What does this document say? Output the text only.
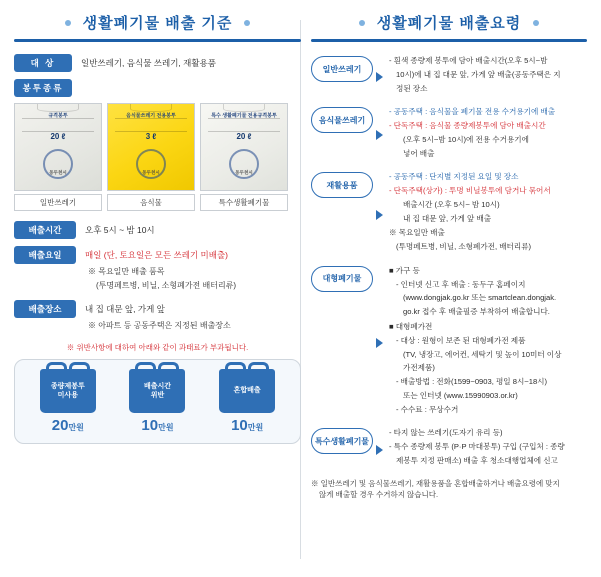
생활폐기물 배출 기준
대 상	일반쓰레기, 음식물 쓰레기, 재활용품
봉투종류
규격봉투
20 ℓ
동두천시
일반쓰레기
음식물쓰레기 전용봉투
3 ℓ
동두천시
음식물
특수 생활폐기물 전용규격봉투
20 ℓ
동두천시
특수생활폐기물
배출시간	오후 5시 ~ 밤 10시
배출요일	매일 (단, 토요일은 모든 쓰레기 미배출)
※ 목요일만 배출 품목
(투명페트병, 비닐, 소형폐가전 배터리류)
배출장소	내 집 대문 앞, 가게 앞
※ 아파트 등 공동주택은 지정된 배출장소
※ 위반사항에 대하여 아래와 같이 과태료가 부과됩니다.
종량제봉투
미사용
20만원
배출시간
위반
10만원
혼합배출
10만원
생활폐기물 배출요령
일반쓰레기

- 흰색 종량제 봉투에 담아 배출시간(오후 5시~밤

10시)에 내 집 대문 앞, 가게 앞 배출(공동주택은 지

정된 장소

음식물쓰레기

- 공동주택 : 음식물을 폐기물 전용 수거용기에 배출

- 단독주택 : 음식물 종량제봉투에 담아 배출시간

(오후 5시~밤 10시)에 전용 수거용기에

넣어 배출

재활용품

- 공동주택 : 단지별 지정된 요일 및 장소

- 단독주택(상가) : 투명 비닐봉투에 담거나 묶어서

배출시간 (오후 5시~ 밤 10시)

내 집 대문 앞, 가게 앞 배출

※ 목요일만 배출

(투명페트병, 비닐, 소형폐가전, 배터리류)

대형폐기물

■ 가구 등

- 인터넷 신고 후 배출 : 동두구 홈페이지

(www.dongjak.go.kr 또는 smartclean.dongjak.

go.kr 접수 후 배출필증 부착하여 배출합니다.

■ 대형폐가전

- 대상 : 원형이 보존 된 대형폐가전 제품

(TV, 냉장고, 에어컨, 세탁기 및 높이 10미터 이상

가전제품)

- 배출방법 : 전화(1599~0903, 평일 8시~18시)

또는 인터넷 (www.15990903.or.kr)

- 수수료 : 무상수거

특수생활폐기물

- 타지 않는 쓰레기(도자기 유리 등)

- 특수 종량제 봉투 (P·P 마대봉투) 구입 (구입처 : 종량

제봉투 지정 판매소) 배출 후 청소대행업체에 신고

※ 일반쓰레기 및 음식물쓰레기, 재활용품을 혼합배출하거나 배출요령에 맞지

않게 배출할 경우 수거하지 않습니다.
